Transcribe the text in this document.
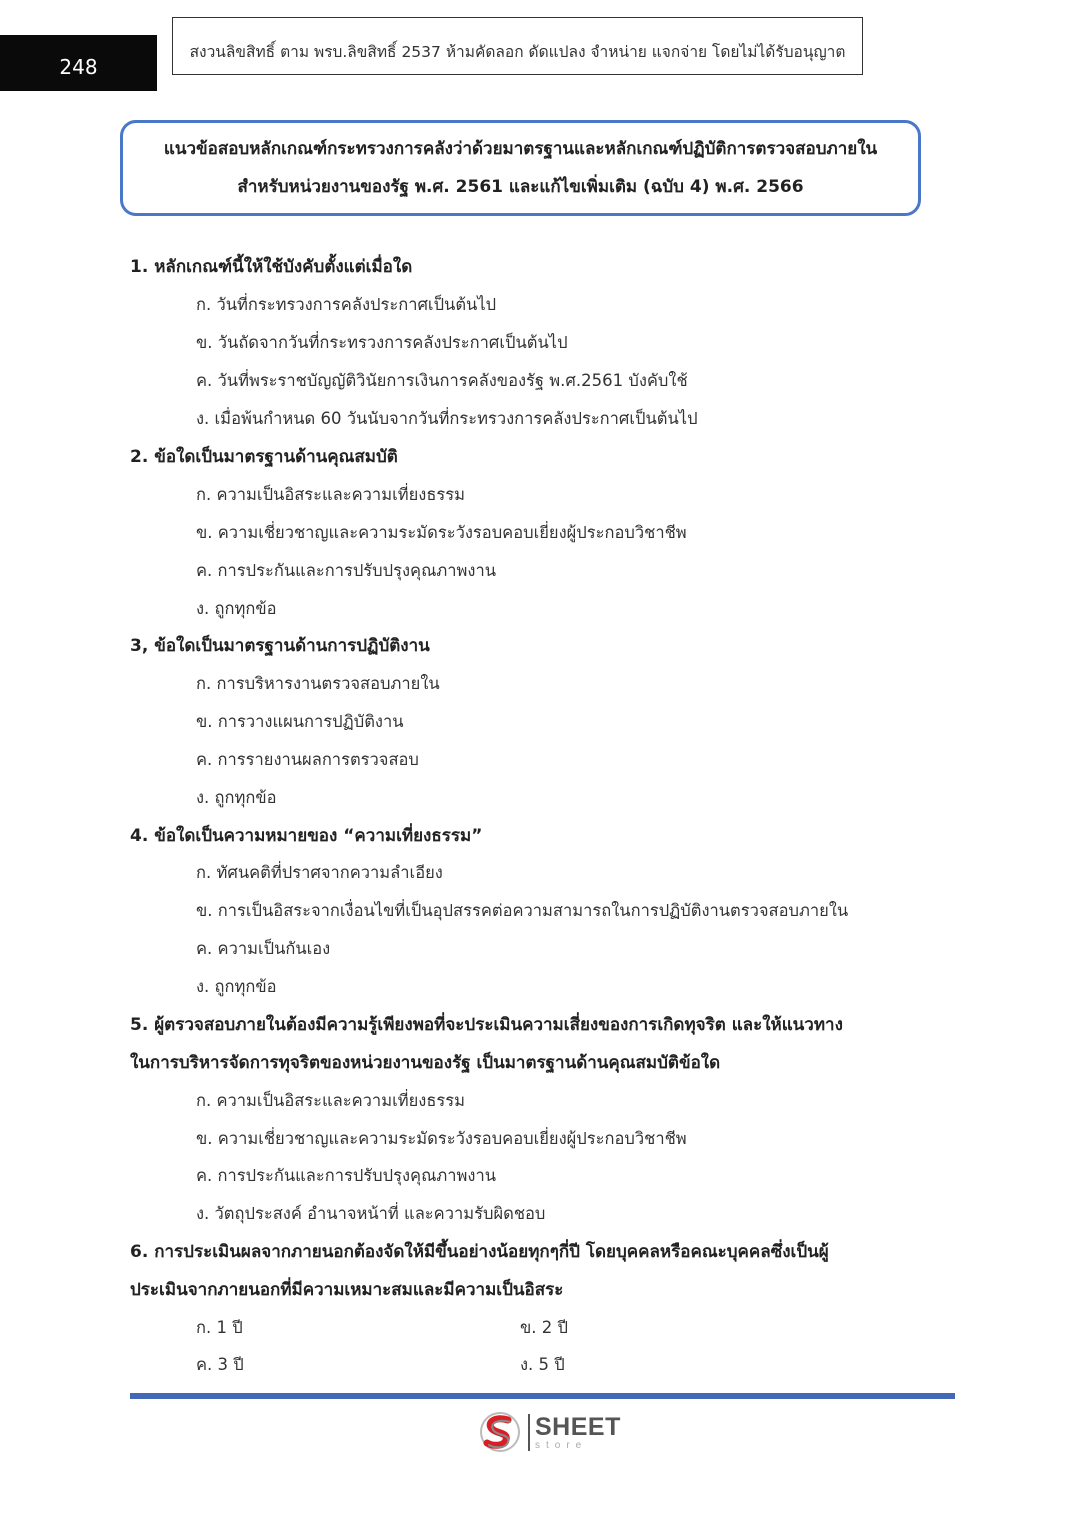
248
สงวนลิขสิทธิ์ ตาม พรบ.ลิขสิทธิ์ 2537 ห้ามคัดลอก ดัดแปลง จำหน่าย แจกจ่าย โดยไม่ได้รับอนุญาต
แนวข้อสอบหลักเกณฑ์กระทรวงการคลังว่าด้วยมาตรฐานและหลักเกณฑ์ปฏิบัติการตรวจสอบภายใน
สำหรับหน่วยงานของรัฐ พ.ศ. 2561 และแก้ไขเพิ่มเติม (ฉบับ 4) พ.ศ. 2566
1. หลักเกณฑ์นี้ให้ใช้บังคับตั้งแต่เมื่อใด
ก. วันที่กระทรวงการคลังประกาศเป็นต้นไป
ข. วันถัดจากวันที่กระทรวงการคลังประกาศเป็นต้นไป
ค. วันที่พระราชบัญญัติวินัยการเงินการคลังของรัฐ พ.ศ.2561 บังคับใช้
ง. เมื่อพ้นกำหนด 60 วันนับจากวันที่กระทรวงการคลังประกาศเป็นต้นไป
2. ข้อใดเป็นมาตรฐานด้านคุณสมบัติ
ก. ความเป็นอิสระและความเที่ยงธรรม
ข. ความเชี่ยวชาญและความระมัดระวังรอบคอบเยี่ยงผู้ประกอบวิชาชีพ
ค. การประกันและการปรับปรุงคุณภาพงาน
ง. ถูกทุกข้อ
3, ข้อใดเป็นมาตรฐานด้านการปฏิบัติงาน
ก. การบริหารงานตรวจสอบภายใน
ข. การวางแผนการปฏิบัติงาน
ค. การรายงานผลการตรวจสอบ
ง. ถูกทุกข้อ
4. ข้อใดเป็นความหมายของ “ความเที่ยงธรรม”
ก. ทัศนคติที่ปราศจากความลำเอียง
ข. การเป็นอิสระจากเงื่อนไขที่เป็นอุปสรรคต่อความสามารถในการปฏิบัติงานตรวจสอบภายใน
ค. ความเป็นกันเอง
ง. ถูกทุกข้อ
5. ผู้ตรวจสอบภายในต้องมีความรู้เพียงพอที่จะประเมินความเสี่ยงของการเกิดทุจริต และให้แนวทาง
ในการบริหารจัดการทุจริตของหน่วยงานของรัฐ เป็นมาตรฐานด้านคุณสมบัติข้อใด
ก. ความเป็นอิสระและความเที่ยงธรรม
ข. ความเชี่ยวชาญและความระมัดระวังรอบคอบเยี่ยงผู้ประกอบวิชาชีพ
ค. การประกันและการปรับปรุงคุณภาพงาน
ง. วัตถุประสงค์ อำนาจหน้าที่ และความรับผิดชอบ
6. การประเมินผลจากภายนอกต้องจัดให้มีขึ้นอย่างน้อยทุกๆกี่ปี โดยบุคคลหรือคณะบุคคลซึ่งเป็นผู้
ประเมินจากภายนอกที่มีความเหมาะสมและมีความเป็นอิสระ
ก. 1 ปี	ข. 2 ปี
ค. 3 ปี	ง. 5 ปี
SHEET
store
